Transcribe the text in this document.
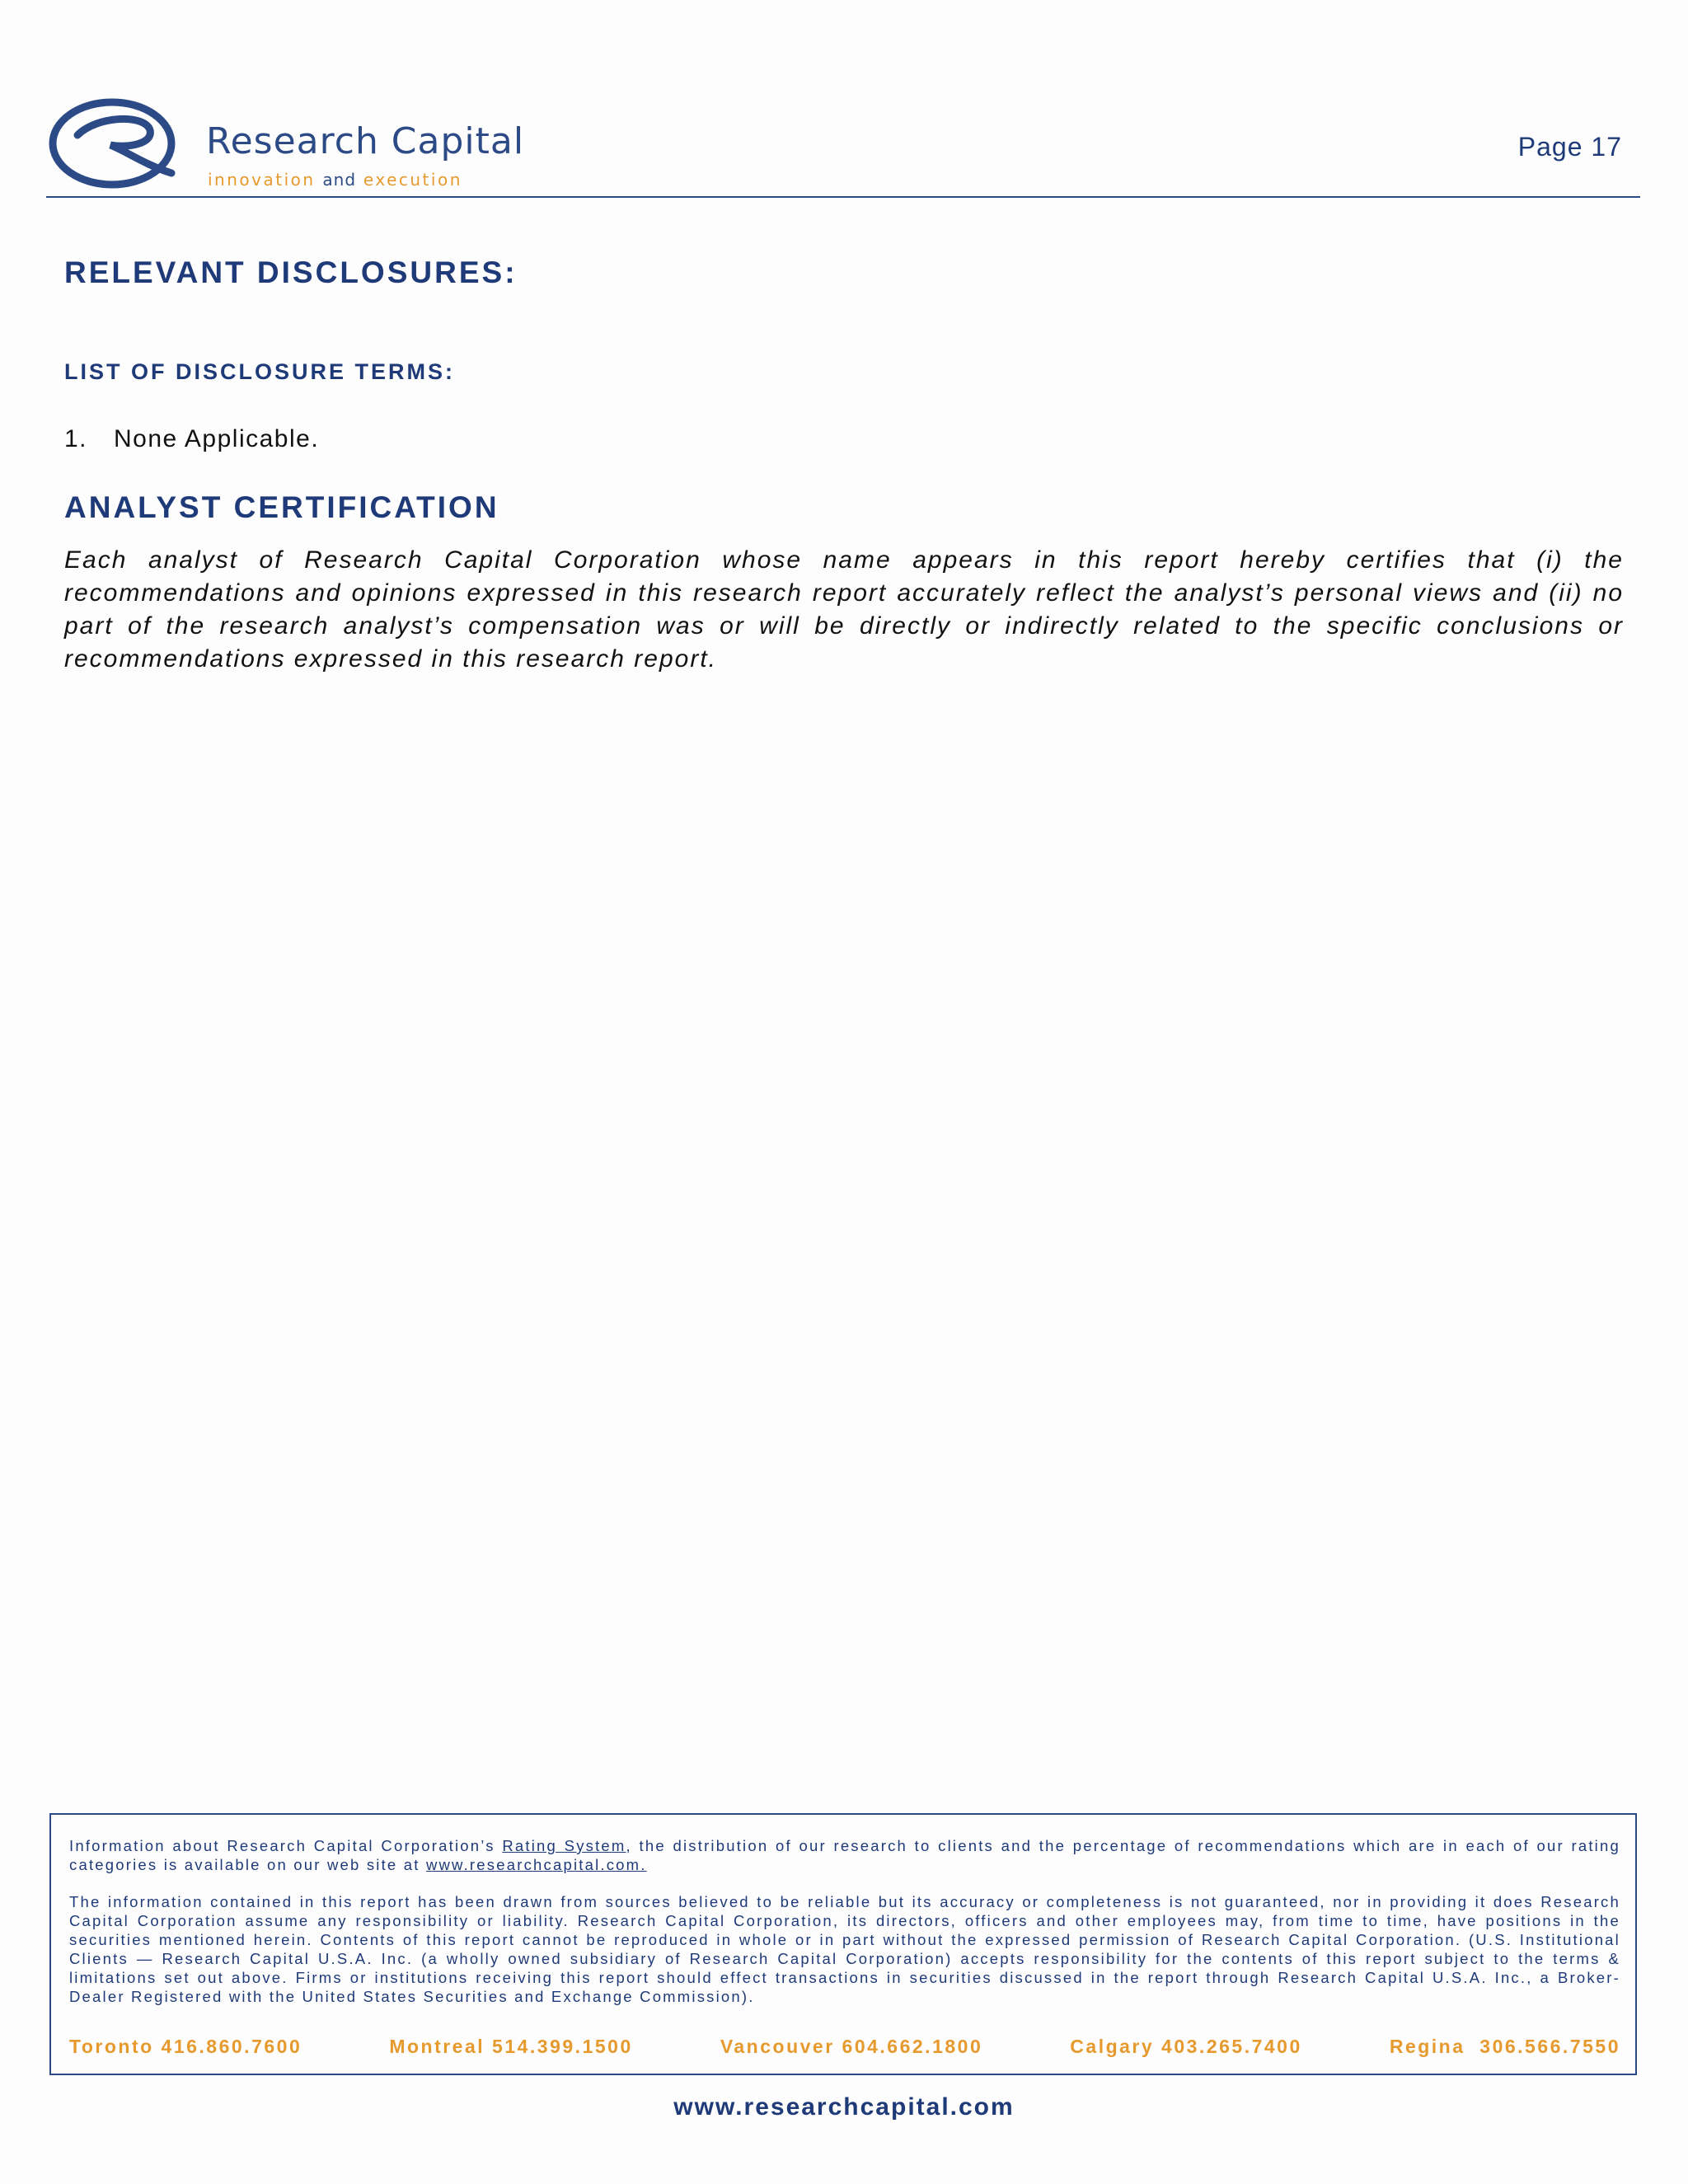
Research Capital
innovation and execution
Page 17
RELEVANT DISCLOSURES:
LIST OF DISCLOSURE TERMS:
1. None Applicable.
ANALYST CERTIFICATION
Each analyst of Research Capital Corporation whose name appears in this report hereby certifies that (i) the recommendations and opinions expressed in this research report accurately reflect the analyst’s personal views and (ii) no part of the research analyst’s compensation was or will be directly or indirectly related to the specific conclusions or recommendations expressed in this research report.
Information about Research Capital Corporation’s Rating System, the distribution of our research to clients and the percentage of recommendations which are in each of our rating categories is available on our web site at www.researchcapital.com.
The information contained in this report has been drawn from sources believed to be reliable but its accuracy or completeness is not guaranteed, nor in providing it does Research Capital Corporation assume any responsibility or liability. Research Capital Corporation, its directors, officers and other employees may, from time to time, have positions in the securities mentioned herein. Contents of this report cannot be reproduced in whole or in part without the expressed permission of Research Capital Corporation. (U.S. Institutional Clients — Research Capital U.S.A. Inc. (a wholly owned subsidiary of Research Capital Corporation) accepts responsibility for the contents of this report subject to the terms & limitations set out above. Firms or institutions receiving this report should effect transactions in securities discussed in the report through Research Capital U.S.A. Inc., a Broker-Dealer Registered with the United States Securities and Exchange Commission).
Toronto 416.860.7600	Montreal 514.399.1500	Vancouver 604.662.1800	Calgary 403.265.7400	Regina  306.566.7550
www.researchcapital.com
